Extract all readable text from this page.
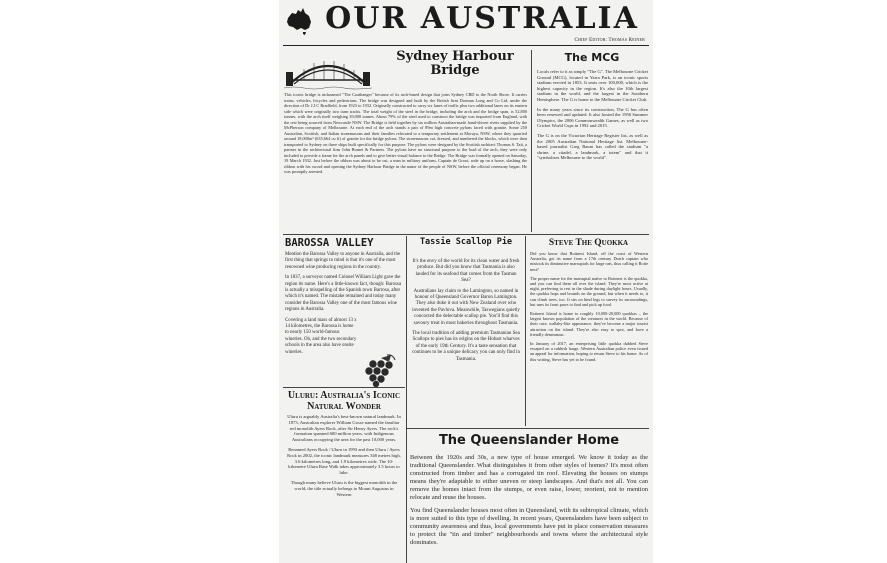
OUR AUSTRALIA
Chief Editor: Thomas Reiner
Sydney Harbour Bridge

This iconic bridge is nicknamed "The Coathanger" because of its arch-based design that joins Sydney CBD to the North Shore. It carries trains, vehicles, bicycles and pedestrians. The bridge was designed and built by the British firm Dorman Long and Co Ltd, under the direction of Dr J.J.C Bradfield, from 1923 to 1932. Originally constructed to carry six lanes of traffic plus two additional lanes on its eastern side which were originally two tram tracks. The total weight of the steel in the bridge, including the arch and the bridge span, is 52,800 tonnes, with the arch itself weighing 39,000 tonnes. About 79% of the steel used to construct the bridge was imported from England, with the rest being sourced from Newcastle NSW. The Bridge is held together by six million Australian-made hand-driven rivets supplied by the McPherson company of Melbourne. At each end of the arch stands a pair of 89m high concrete pylons faced with granite. Some 250 Australian, Scottish, and Italian stonemasons and their families relocated to a temporary settlement at Moruya, NSW, where they quarried around 18,000m³ (635,664 cu ft) of granite for the bridge pylons. The stonemasons cut, dressed, and numbered the blocks, which were then transported to Sydney on three ships built specifically for this purpose. The pylons were designed by the Scottish architect Thomas S. Tait, a partner in the architectural firm John Burnet & Partners. The pylons have no structural purpose to the load of the arch, they were only included to provide a frame for the arch panels and to give better visual balance to the Bridge. The Bridge was formally opened on Saturday, 19 March 1932. Just before the ribbon was about to be cut, a man in military uniform, Captain de Groot, rode up on a horse, slashing the ribbon with his sword and opening the Sydney Harbour Bridge in the name of the people of NSW, before the official ceremony began. He was promptly arrested.

The MCG

Locals refer to it as simply "The G". The Melbourne Cricket Ground (MCG), located in Yarra Park, is an iconic sports stadium erected in 1853. It seats over 100,000, which is the highest capacity in the region. It's also the 10th largest stadium in the world, and the largest in the Southern Hemisphere. The G is home to the Melbourne Cricket Club.

In the many years since its construction, The G has often been renewed and updated. It also hosted the 1956 Summer Olympics, the 2006 Commonwealth Games, as well as two Cricket World Cups in 1992 and 2015.

The G is on the Victorian Heritage Register list, as well as the 2005 Australian National Heritage list. Melbourne-based journalist Greg Baum has called the stadium "a shrine, a citadel, a landmark, a totem" and that it "symbolises Melbourne to the world".

BAROSSA VALLEY

Mention the Barossa Valley to anyone in Australia, and the first thing that springs to mind is that it's one of the most renowned wine producing regions in the country.

In 1837, a surveyor named Colonel William Light gave the region its name. Here's a little-known fact, though: Barossa is actually a misspelling of the Spanish town Barrosa, after which it's named. The mistake remained and today many consider the Barossa Valley one of the most famous wine regions in Australia.

Covering a land mass of almost 13 x 14 kilometres, the Barossa is home to nearly 150 world-famous wineries. Oh, and the two secondary schools in the area also have onsite wineries.

Uluru: Australia's Iconic Natural Wonder

Uluru is arguably Australia's best-known natural landmark. In 1873, Australian explorer William Gosse named the familiar red monolith Ayers Rock, after Sir Henry Ayers. The rock's formation spanned 600 million years, with Indigenous Australians occupying the area for the past 10,000 years.

Renamed Ayers Rock / Uluru in 1993 and then Uluru / Ayers Rock in 2002, the iconic landmark measures 348 metres high, 3.6 kilometres long, and 1.9 kilometres wide. The 10-kilometre Uluru Base Walk takes approximately 3.5 hours to hike.

Though many believe Uluru is the biggest monolith in the world, the title actually belongs to Mount Augustus in Western

Tassie Scallop Pie

It's the envy of the world for its clean water and fresh produce. But did you know that Tasmania is also lauded for its seafood that comes from the Tasman Sea?

Australians lay claim to the Lamington, so named in honour of Queensland Governor Baron Lamington. They also duke it out with New Zealand over who invented the Pavlova. Meanwhile, Taswegians quietly concocted the delectable scallop pie. You'll find this savoury treat in most bakeries throughout Tasmania.

The local tradition of adding premium Tasmanian Sea Scallops to pies has its origins on the Hobart wharves of the early 19th Century. It's a taste sensation that continues to be a unique delicacy you can only find in Tasmania.

Steve The Quokka

Did you know that Rottnest Island, off the coast of Western Australia, got its name from a 17th century Dutch captain who mistook its diminutive marsupials for large rats, thus calling it Rotte nest?

The proper name for the marsupial native to Rottnest is the quokka, and you can find them all over the island. They're most active at night, preferring to rest in the shade during daylight hours. Usually, the quokka hops and bounds on the ground, but when it needs to, it can climb trees, too. It sits on hind legs to survey its surroundings, but uses its front paws to find and pick up food.

Rottnest Island is home to roughly 10,000-20,000 quokkas – the largest known population of the creatures in the world. Because of their cute, wallaby-like appearance, they've become a major tourist attraction on the island. They're also easy to spot, and have a friendly demeanour.

In January of 2017, an enterprising little quokka dubbed Steve escaped on a rubbish barge. Western Australian police even issued an appeal for information, hoping to return Steve to his home. As of this writing, Steve has yet to be found.

The Queenslander Home

Between the 1920s and 30s, a new type of house emerged. We know it today as the traditional Queenslander. What distinguishes it from other styles of homes? It's most often constructed from timber and has a corrugated tin roof. Elevating the houses on stumps means they're adaptable to either uneven or steep landscapes. And that's not all. You can remove the homes intact from the stumps, or even raise, lower, reorient, not to mention relocate and reuse the houses.

You find Queenslander houses most often in Queensland, with its subtropical climate, which is more suited to this type of dwelling. In recent years, Queenslanders have been subject to community awareness and thus, local governments have put in place conservation measures to protect the "tin and timber" neighbourhoods and towns where the architectural style dominates.
